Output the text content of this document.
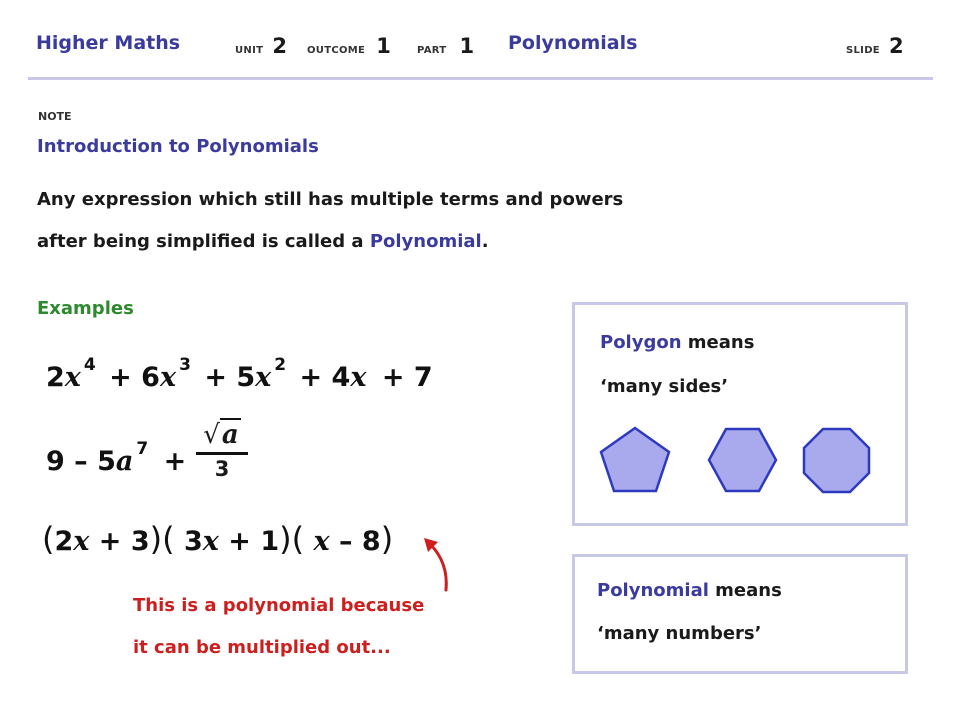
Higher Maths	UNIT 2 OUTCOME 1	PART 1 Polynomials	SLIDE 2
NOTE
Introduction to Polynomials
Any expression which still has multiple terms and powers
after being simplified is called a Polynomial.
Examples
2x $^4$ + 6x $^3$ + 5x $^2$ + 4x + 7
9 – 5a $^7$ +
√a
3
(2x + 3)( 3x + 1)( x – 8)
This is a polynomial because
it can be multiplied out...
Polygon means
‘many sides’
Polynomial means
‘many numbers’
